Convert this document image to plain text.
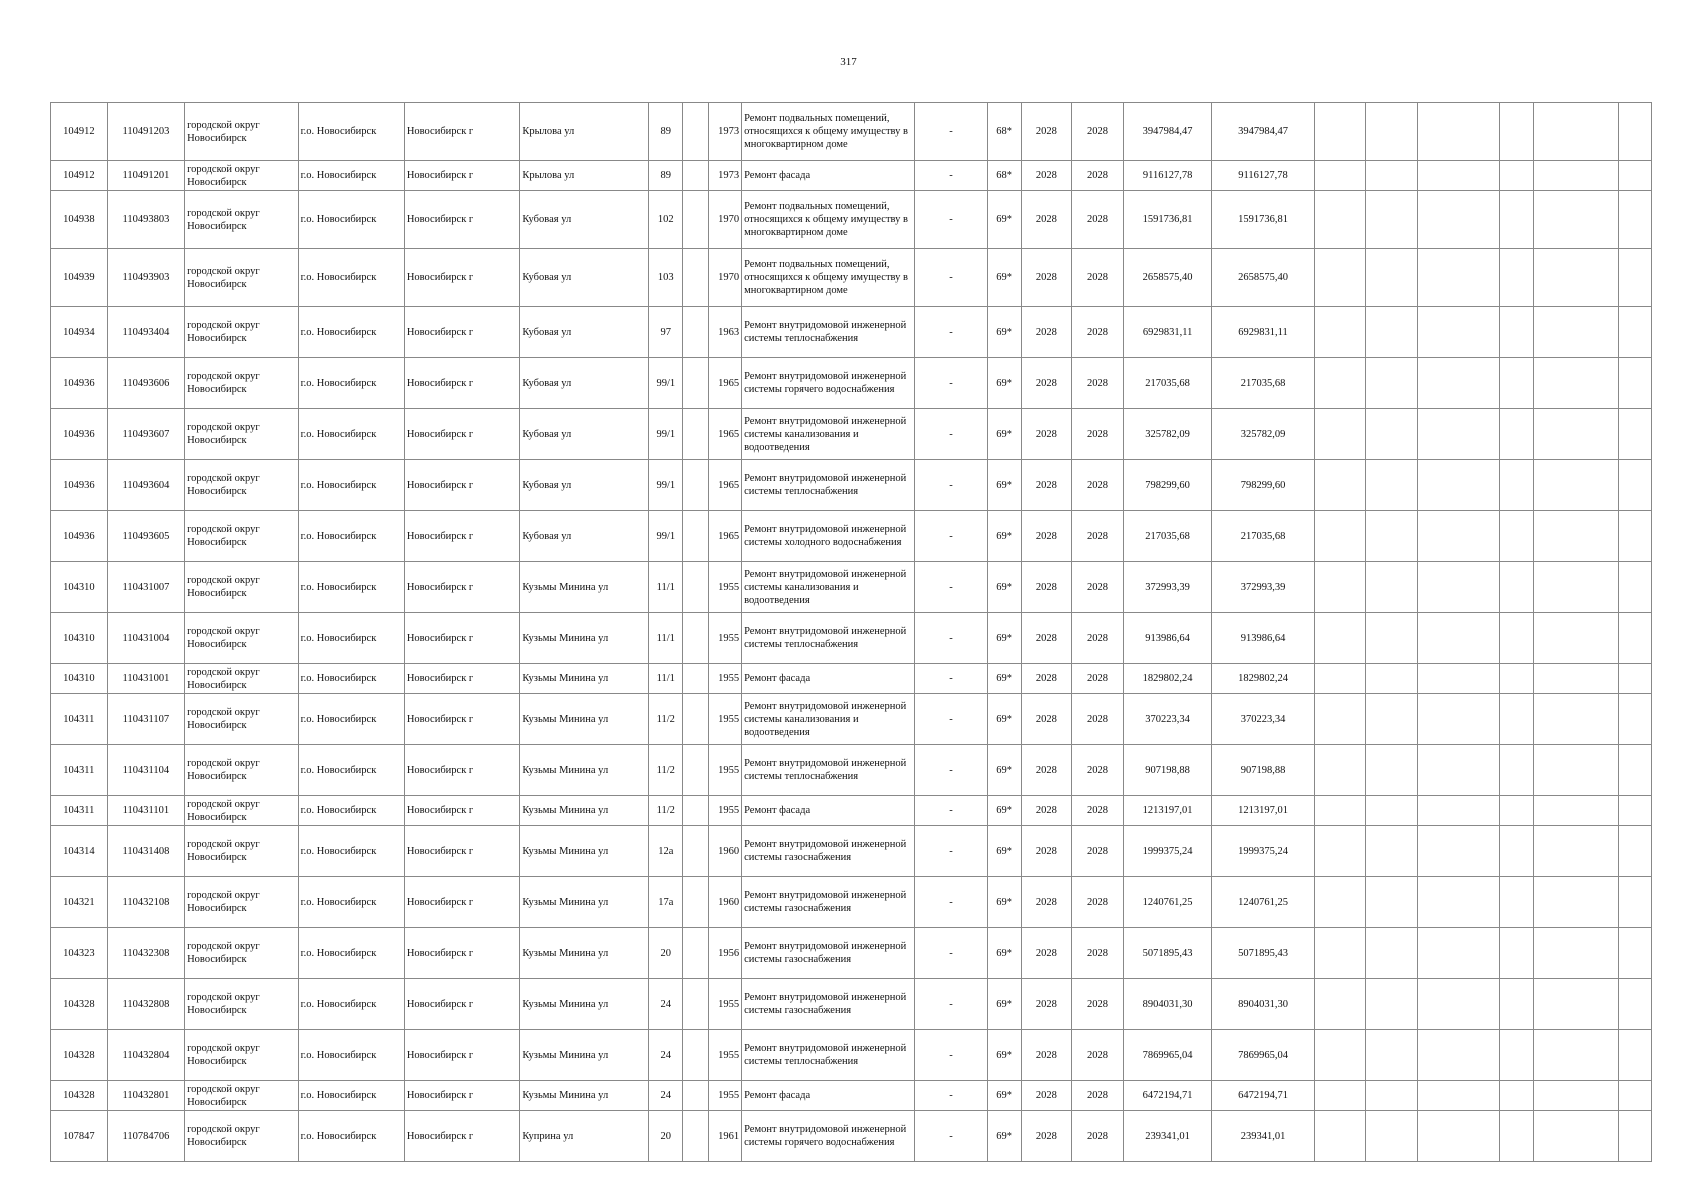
317
104912	110491203	городской округ Новосибирск	г.о. Новосибирск	Новосибирск г	Крылова ул	89		1973	Ремонт подвальных помещений, относящихся к общему имуществу в многоквартирном доме	-	68*	2028	2028	3947984,47	3947984,47						
104912	110491201	городской округ Новосибирск	г.о. Новосибирск	Новосибирск г	Крылова ул	89		1973	Ремонт фасада	-	68*	2028	2028	9116127,78	9116127,78						
104938	110493803	городской округ Новосибирск	г.о. Новосибирск	Новосибирск г	Кубовая ул	102		1970	Ремонт подвальных помещений, относящихся к общему имуществу в многоквартирном доме	-	69*	2028	2028	1591736,81	1591736,81						
104939	110493903	городской округ Новосибирск	г.о. Новосибирск	Новосибирск г	Кубовая ул	103		1970	Ремонт подвальных помещений, относящихся к общему имуществу в многоквартирном доме	-	69*	2028	2028	2658575,40	2658575,40						
104934	110493404	городской округ Новосибирск	г.о. Новосибирск	Новосибирск г	Кубовая ул	97		1963	Ремонт внутридомовой инженерной системы теплоснабжения	-	69*	2028	2028	6929831,11	6929831,11						
104936	110493606	городской округ Новосибирск	г.о. Новосибирск	Новосибирск г	Кубовая ул	99/1		1965	Ремонт внутридомовой инженерной системы горячего водоснабжения	-	69*	2028	2028	217035,68	217035,68						
104936	110493607	городской округ Новосибирск	г.о. Новосибирск	Новосибирск г	Кубовая ул	99/1		1965	Ремонт внутридомовой инженерной системы канализования и водоотведения	-	69*	2028	2028	325782,09	325782,09						
104936	110493604	городской округ Новосибирск	г.о. Новосибирск	Новосибирск г	Кубовая ул	99/1		1965	Ремонт внутридомовой инженерной системы теплоснабжения	-	69*	2028	2028	798299,60	798299,60						
104936	110493605	городской округ Новосибирск	г.о. Новосибирск	Новосибирск г	Кубовая ул	99/1		1965	Ремонт внутридомовой инженерной системы холодного водоснабжения	-	69*	2028	2028	217035,68	217035,68						
104310	110431007	городской округ Новосибирск	г.о. Новосибирск	Новосибирск г	Кузьмы Минина ул	11/1		1955	Ремонт внутридомовой инженерной системы канализования и водоотведения	-	69*	2028	2028	372993,39	372993,39						
104310	110431004	городской округ Новосибирск	г.о. Новосибирск	Новосибирск г	Кузьмы Минина ул	11/1		1955	Ремонт внутридомовой инженерной системы теплоснабжения	-	69*	2028	2028	913986,64	913986,64						
104310	110431001	городской округ Новосибирск	г.о. Новосибирск	Новосибирск г	Кузьмы Минина ул	11/1		1955	Ремонт фасада	-	69*	2028	2028	1829802,24	1829802,24						
104311	110431107	городской округ Новосибирск	г.о. Новосибирск	Новосибирск г	Кузьмы Минина ул	11/2		1955	Ремонт внутридомовой инженерной системы канализования и водоотведения	-	69*	2028	2028	370223,34	370223,34						
104311	110431104	городской округ Новосибирск	г.о. Новосибирск	Новосибирск г	Кузьмы Минина ул	11/2		1955	Ремонт внутридомовой инженерной системы теплоснабжения	-	69*	2028	2028	907198,88	907198,88						
104311	110431101	городской округ Новосибирск	г.о. Новосибирск	Новосибирск г	Кузьмы Минина ул	11/2		1955	Ремонт фасада	-	69*	2028	2028	1213197,01	1213197,01						
104314	110431408	городской округ Новосибирск	г.о. Новосибирск	Новосибирск г	Кузьмы Минина ул	12а		1960	Ремонт внутридомовой инженерной системы газоснабжения	-	69*	2028	2028	1999375,24	1999375,24						
104321	110432108	городской округ Новосибирск	г.о. Новосибирск	Новосибирск г	Кузьмы Минина ул	17а		1960	Ремонт внутридомовой инженерной системы газоснабжения	-	69*	2028	2028	1240761,25	1240761,25						
104323	110432308	городской округ Новосибирск	г.о. Новосибирск	Новосибирск г	Кузьмы Минина ул	20		1956	Ремонт внутридомовой инженерной системы газоснабжения	-	69*	2028	2028	5071895,43	5071895,43						
104328	110432808	городской округ Новосибирск	г.о. Новосибирск	Новосибирск г	Кузьмы Минина ул	24		1955	Ремонт внутридомовой инженерной системы газоснабжения	-	69*	2028	2028	8904031,30	8904031,30						
104328	110432804	городской округ Новосибирск	г.о. Новосибирск	Новосибирск г	Кузьмы Минина ул	24		1955	Ремонт внутридомовой инженерной системы теплоснабжения	-	69*	2028	2028	7869965,04	7869965,04						
104328	110432801	городской округ Новосибирск	г.о. Новосибирск	Новосибирск г	Кузьмы Минина ул	24		1955	Ремонт фасада	-	69*	2028	2028	6472194,71	6472194,71						
107847	110784706	городской округ Новосибирск	г.о. Новосибирск	Новосибирск г	Куприна ул	20		1961	Ремонт внутридомовой инженерной системы горячего водоснабжения	-	69*	2028	2028	239341,01	239341,01						
